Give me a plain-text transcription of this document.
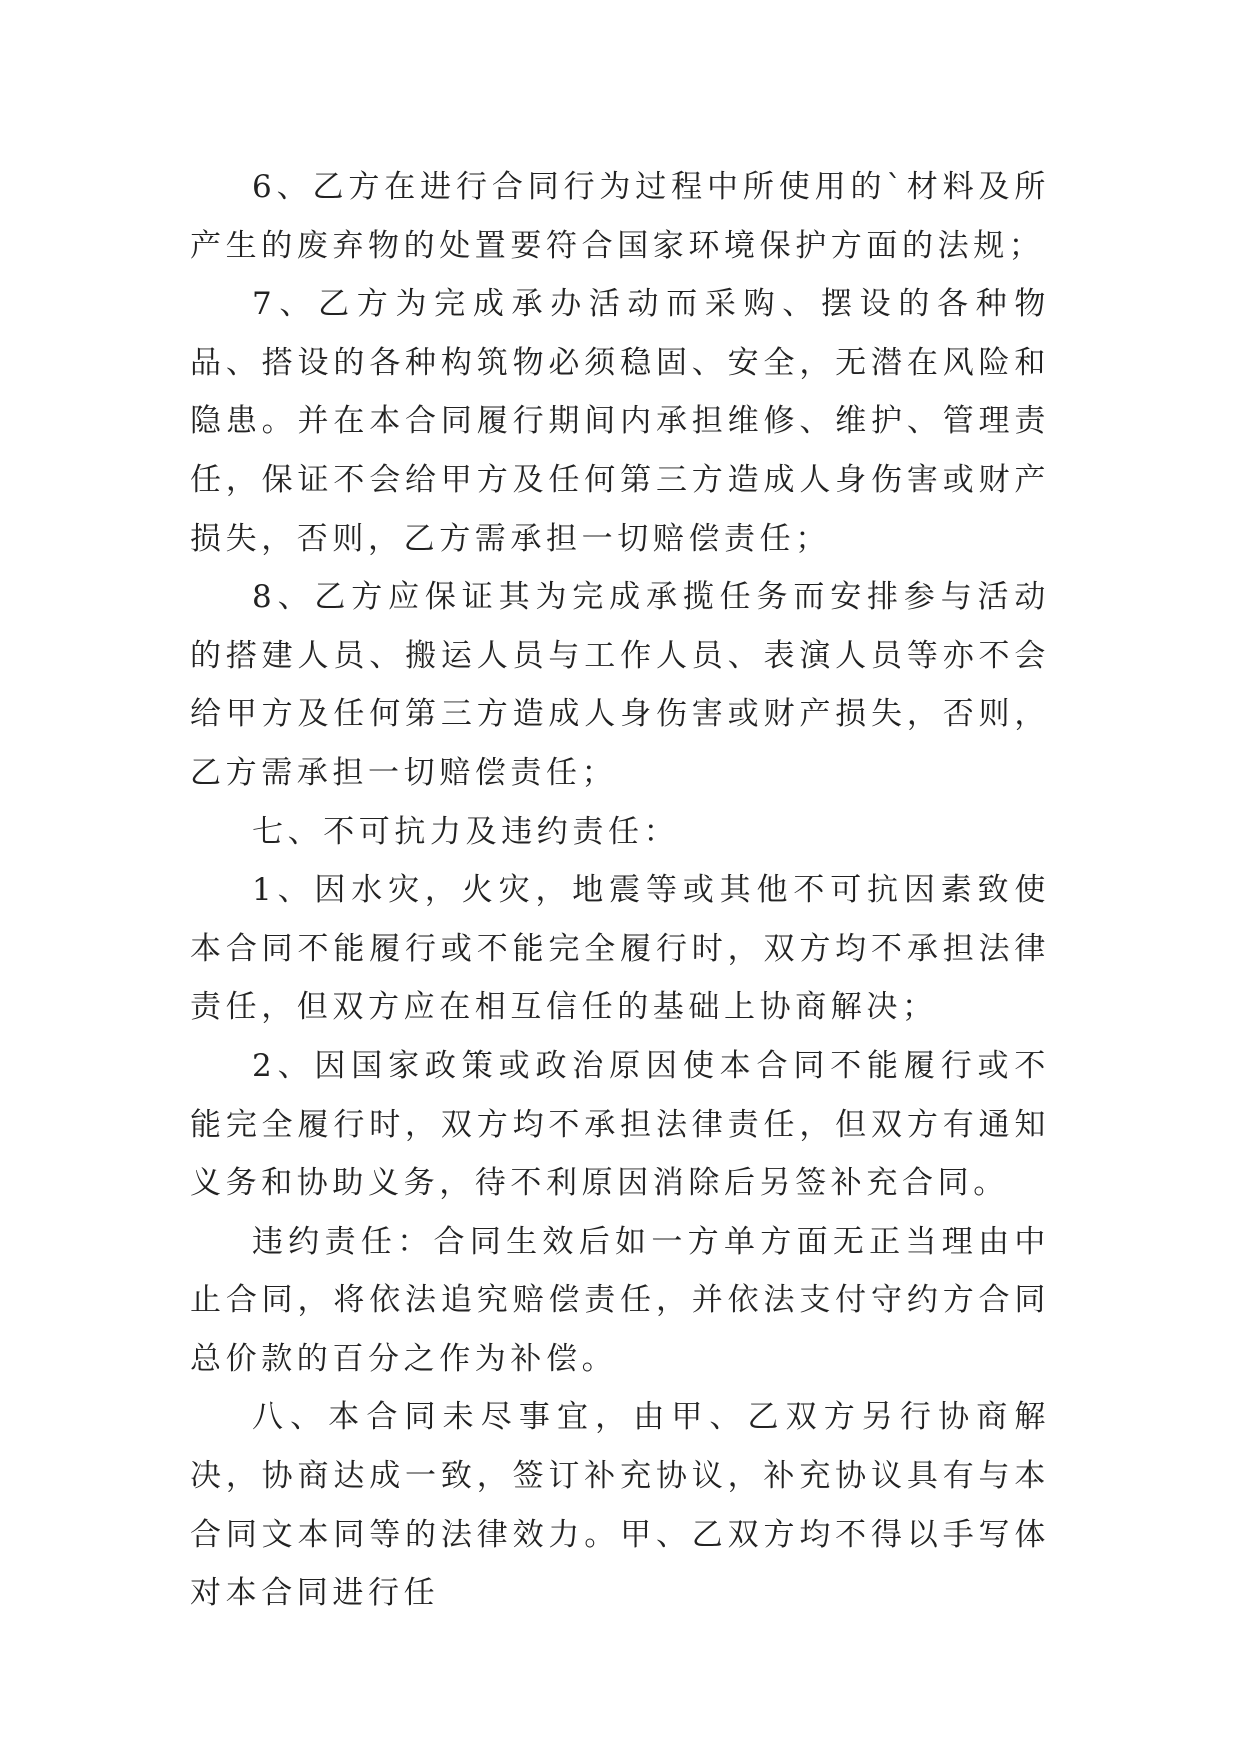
6、乙方在进行合同行为过程中所使用的`材料及所产生的废弃物的处置要符合国家环境保护方面的法规；

7、乙方为完成承办活动而采购、摆设的各种物品、搭设的各种构筑物必须稳固、安全，无潜在风险和隐患。并在本合同履行期间内承担维修、维护、管理责任，保证不会给甲方及任何第三方造成人身伤害或财产损失，否则，乙方需承担一切赔偿责任；

8、乙方应保证其为完成承揽任务而安排参与活动的搭建人员、搬运人员与工作人员、表演人员等亦不会给甲方及任何第三方造成人身伤害或财产损失，否则，乙方需承担一切赔偿责任；

七、不可抗力及违约责任：

1、因水灾，火灾，地震等或其他不可抗因素致使本合同不能履行或不能完全履行时，双方均不承担法律责任，但双方应在相互信任的基础上协商解决；

2、因国家政策或政治原因使本合同不能履行或不能完全履行时，双方均不承担法律责任，但双方有通知义务和协助义务，待不利原因消除后另签补充合同。

违约责任：合同生效后如一方单方面无正当理由中止合同，将依法追究赔偿责任，并依法支付守约方合同总价款的百分之作为补偿。

八、本合同未尽事宜，由甲、乙双方另行协商解决，协商达成一致，签订补充协议，补充协议具有与本合同文本同等的法律效力。甲、乙双方均不得以手写体对本合同进行任
